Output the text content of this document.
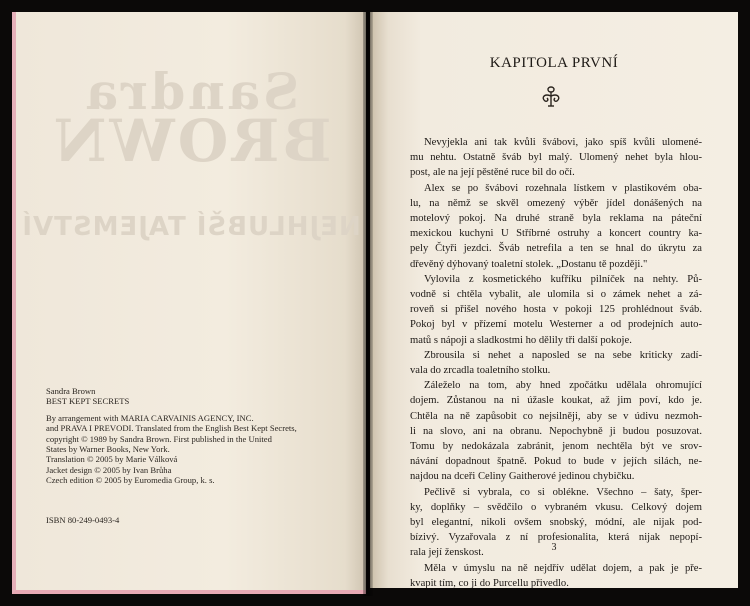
Sandra
BROWN
NEJHLUBŠÍ TAJEMSTVÍ
Sandra Brown
BEST KEPT SECRETS
By arrangement with MARIA CARVAINIS AGENCY, INC.
and PRAVA I PREVODI. Translated from the English Best Kept Secrets,
copyright © 1989 by Sandra Brown. First published in the United
States by Warner Books, New York.
Translation © 2005 by Marie Válková
Jacket design © 2005 by Ivan Brůha
Czech edition © 2005 by Euromedia Group, k. s.
ISBN 80-249-0493-4
KAPITOLA PRVNÍ
Nevyjekla ani tak kvůli švábovi, jako spíš kvůli ulomené-
mu nehtu. Ostatně šváb byl malý. Ulomený nehet byla hlou-
post, ale na její pěstěné ruce bil do očí.
Alex se po švábovi rozehnala lístkem v plastikovém oba-
lu, na němž se skvěl omezený výběr jídel donášených na
motelový pokoj. Na druhé straně byla reklama na páteční
mexickou kuchyni U Stříbrné ostruhy a koncert country ka-
pely Čtyři jezdci. Šváb netrefila a ten se hnal do úkrytu za
dřevěný dýhovaný toaletní stolek. „Dostanu tě později."
Vylovila z kosmetického kufříku pilníček na nehty. Pů-
vodně si chtěla vybalit, ale ulomila si o zámek nehet a zá-
roveň si přišel nového hosta v pokoji 125 prohlédnout šváb.
Pokoj byl v přízemí motelu Westerner a od prodejních auto-
matů s nápoji a sladkostmi ho dělily tři další pokoje.
Zbrousila si nehet a naposled se na sebe kriticky zadí-
vala do zrcadla toaletního stolku.
Záleželo na tom, aby hned zpočátku udělala ohromující
dojem. Zůstanou na ni úžasle koukat, až jim poví, kdo je.
Chtěla na ně zapůsobit co nejsilněji, aby se v údivu nezmoh-
li na slovo, ani na obranu. Nepochybně ji budou posuzovat.
Tomu by nedokázala zabránit, jenom nechtěla být ve srov-
návání dopadnout špatně. Pokud to bude v jejích silách, ne-
najdou na dceři Celiny Gaitherové jedinou chybičku.
Pečlivě si vybrala, co si oblékne. Všechno – šaty, šper-
ky, doplňky – svědčilo o vybraném vkusu. Celkový dojem
byl elegantní, nikoli ovšem snobský, módní, ale nijak pod-
bízivý. Vyzařovala z ní profesionalita, která nijak nepopí-
rala její ženskost.
Měla v úmyslu na ně nejdřív udělat dojem, a pak je pře-
kvapit tím, co ji do Purcellu přivedlo.
3
